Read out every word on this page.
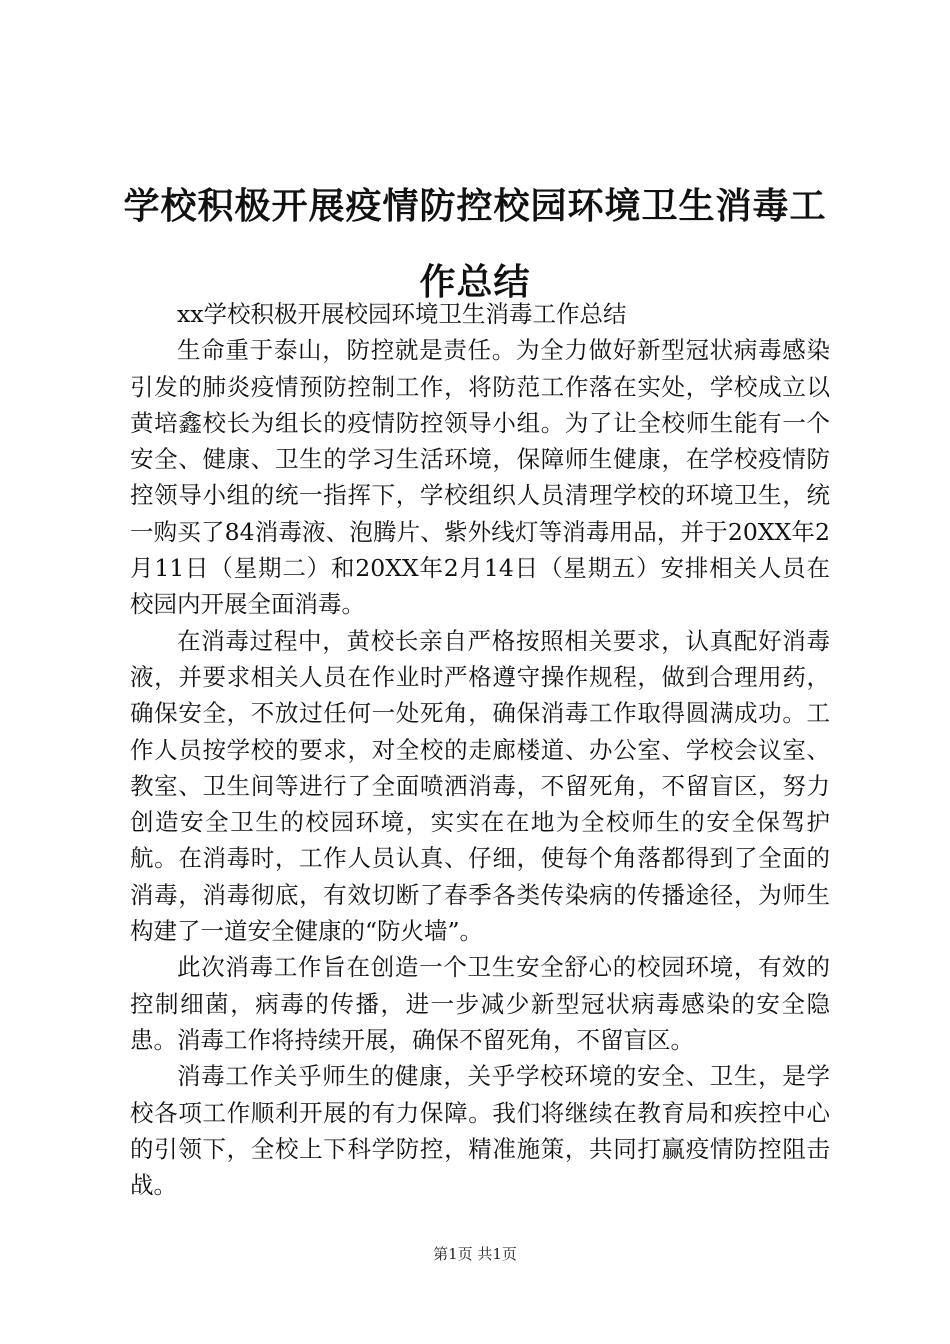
学校积极开展疫情防控校园环境卫生消毒工作总结

xx学校积极开展校园环境卫生消毒工作总结

生命重于泰山，防控就是责任。为全力做好新型冠状病毒感染引发的肺炎疫情预防控制工作，将防范工作落在实处，学校成立以黄培鑫校长为组长的疫情防控领导小组。为了让全校师生能有一个安全、健康、卫生的学习生活环境，保障师生健康，在学校疫情防控领导小组的统一指挥下，学校组织人员清理学校的环境卫生，统一购买了84消毒液、泡腾片、紫外线灯等消毒用品，并于20XX年2月11日（星期二）和20XX年2月14日（星期五）安排相关人员在校园内开展全面消毒。

在消毒过程中，黄校长亲自严格按照相关要求，认真配好消毒液，并要求相关人员在作业时严格遵守操作规程，做到合理用药，确保安全，不放过任何一处死角，确保消毒工作取得圆满成功。工作人员按学校的要求，对全校的走廊楼道、办公室、学校会议室、教室、卫生间等进行了全面喷洒消毒，不留死角，不留盲区，努力创造安全卫生的校园环境，实实在在地为全校师生的安全保驾护航。在消毒时，工作人员认真、仔细，使每个角落都得到了全面的消毒，消毒彻底，有效切断了春季各类传染病的传播途径，为师生构建了一道安全健康的“防火墙”。

此次消毒工作旨在创造一个卫生安全舒心的校园环境，有效的控制细菌，病毒的传播，进一步减少新型冠状病毒感染的安全隐患。消毒工作将持续开展，确保不留死角，不留盲区。

消毒工作关乎师生的健康，关乎学校环境的安全、卫生，是学校各项工作顺利开展的有力保障。我们将继续在教育局和疾控中心的引领下，全校上下科学防控，精准施策，共同打赢疫情防控阻击战。

第1页 共1页
